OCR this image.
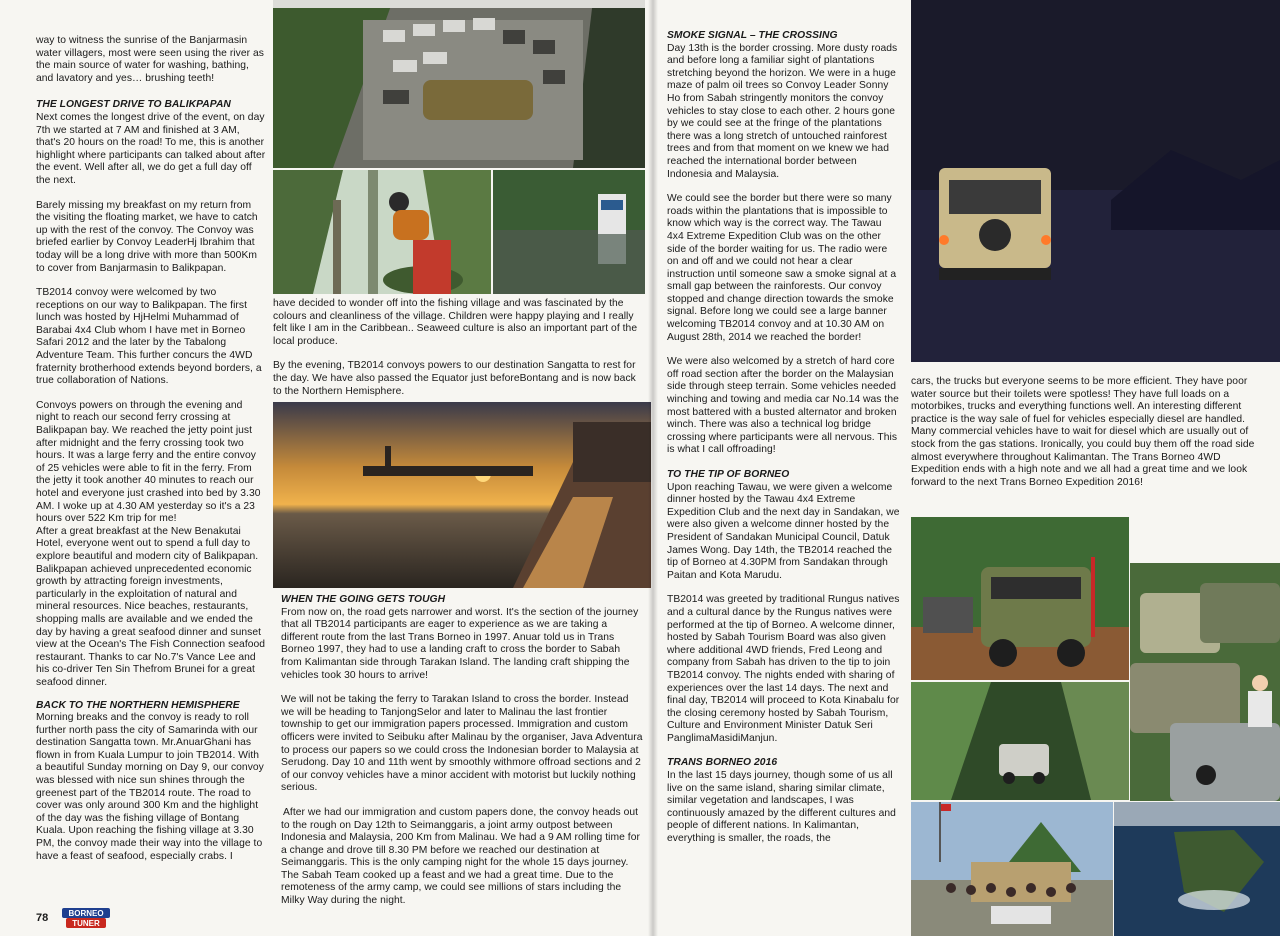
way to witness the sunrise of the Banjarmasin water villagers, most were seen using the river as the main source of water for washing, bathing, and lavatory and yes… brushing teeth!

THE LONGEST DRIVE TO BALIKPAPAN

Next comes the longest drive of the event, on day 7th we started at 7 AM and finished at 3 AM, that's 20 hours on the road! To me, this is another highlight where participants can talked about after the event. Well after all, we do get a full day off the next.

Barely missing my breakfast on my return from the visiting the floating market, we have to catch up with the rest of the convoy. The Convoy was briefed earlier by Convoy LeaderHj Ibrahim that today will be a long drive with more than 500Km to cover from Banjarmasin to Balikpapan.

TB2014 convoy were welcomed by two receptions on our way to Balikpapan. The first lunch was hosted by HjHelmi Muhammad of Barabai 4x4 Club whom I have met in Borneo Safari 2012 and the later by the Tabalong Adventure Team. This further concurs the 4WD fraternity brotherhood extends beyond borders, a true collaboration of Nations.

Convoys powers on through the evening and night to reach our second ferry crossing at Balikpapan bay. We reached the jetty point just after midnight and the ferry crossing took two hours. It was a large ferry and the entire convoy of 25 vehicles were able to fit in the ferry. From the jetty it took another 40 minutes to reach our hotel and everyone just crashed into bed by 3.30 AM. I woke up at 4.30 AM yesterday so it's a 23 hours over 522 Km trip for me!

After a great breakfast at the New Benakutai Hotel, everyone went out to spend a full day to explore beautiful and modern city of Balikpapan. Balikpapan achieved unprecedented economic growth by attracting foreign investments, particularly in the exploitation of natural and mineral resources. Nice beaches, restaurants, shopping malls are available and we ended the day by having a great seafood dinner and sunset view at the Ocean's The Fish Connection seafood restaurant. Thanks to car No.7's Vance Lee and his co-driver Ten Sin Thefrom Brunei for a great seafood dinner.

BACK TO THE NORTHERN HEMISPHERE

Morning breaks and the convoy is ready to roll further north pass the city of Samarinda with our destination Sangatta town. Mr.AnuarGhani has flown in from Kuala Lumpur to join TB2014. With a beautiful Sunday morning on Day 9, our convoy was blessed with nice sun shines through the greenest part of the TB2014 route. The road to cover was only around 300 Km and the highlight of the day was the fishing village of Bontang Kuala. Upon reaching the fishing village at 3.30 PM, the convoy made their way into the village to have a feast of seafood, especially crabs. I

have decided to wonder off into the fishing village and was fascinated by the colours and cleanliness of the village. Children were happy playing and I really felt like I am in the Caribbean.. Seaweed culture is also an important part of the local produce.

By the evening, TB2014 convoys powers to our destination Sangatta to rest for the day. We have also passed the Equator just beforeBontang and is now back to the Northern Hemisphere.

WHEN THE GOING GETS TOUGH

From now on, the road gets narrower and worst. It's the section of the journey that all TB2014 participants are eager to experience as we are taking a different route from the last Trans Borneo in 1997. Anuar told us in Trans Borneo 1997, they had to use a landing craft to cross the border to Sabah from Kalimantan side through Tarakan Island. The landing craft shipping the vehicles took 30 hours to arrive!

We will not be taking the ferry to Tarakan Island to cross the border. Instead we will be heading to TanjongSelor and later to Malinau the last frontier township to get our immigration papers processed. Immigration and custom officers were invited to Seibuku after Malinau by the organiser, Java Adventura to process our papers so we could cross the Indonesian border to Malaysia at Serudong. Day 10 and 11th went by smoothly withmore offroad sections and 2 of our convoy vehicles have a minor accident with motorist but luckily nothing serious.

After we had our immigration and custom papers done, the convoy heads out to the rough on Day 12th to Seimanggaris, a joint army outpost between Indonesia and Malaysia, 200 Km from Malinau. We had a 9 AM rolling time for a change and drove till 8.30 PM before we reached our destination at Seimanggaris. This is the only camping night for the whole 15 days journey. The Sabah Team cooked up a feast and we had a great time. Due to the remoteness of the army camp, we could see millions of stars including the Milky Way during the night.

78	BORNEO
TUNER
SMOKE SIGNAL – THE CROSSING

Day 13th is the border crossing. More dusty roads and before long a familiar sight of plantations stretching beyond the horizon. We were in a huge maze of palm oil trees so Convoy Leader Sonny Ho from Sabah stringently monitors the convoy vehicles to stay close to each other. 2 hours gone by we could see at the fringe of the plantations there was a long stretch of untouched rainforest trees and from that moment on we knew we had reached the international border between Indonesia and Malaysia.

We could see the border but there were so many roads within the plantations that is impossible to know which way is the correct way. The Tawau 4x4 Extreme Expedition Club was on the other side of the border waiting for us. The radio were on and off and we could not hear a clear instruction until someone saw a smoke signal at a small gap between the rainforests. Our convoy stopped and change direction towards the smoke signal. Before long we could see a large banner welcoming TB2014 convoy and at 10.30 AM on August 28th, 2014 we reached the border!

We were also welcomed by a stretch of hard core off road section after the border on the Malaysian side through steep terrain. Some vehicles needed winching and towing and media car No.14 was the most battered with a busted alternator and broken winch. There was also a technical log bridge crossing where participants were all nervous. This is what I call offroading!

TO THE TIP OF BORNEO

Upon reaching Tawau, we were given a welcome dinner hosted by the Tawau 4x4 Extreme Expedition Club and the next day in Sandakan, we were also given a welcome dinner hosted by the President of Sandakan Municipal Council, Datuk James Wong. Day 14th, the TB2014 reached the tip of Borneo at 4.30PM from Sandakan through Paitan and Kota Marudu.

TB2014 was greeted by traditional Rungus natives and a cultural dance by the Rungus natives were performed at the tip of Borneo. A welcome dinner, hosted by Sabah Tourism Board was also given where additional 4WD friends, Fred Leong and company from Sabah has driven to the tip to join TB2014 convoy. The nights ended with sharing of experiences over the last 14 days. The next and final day, TB2014 will proceed to Kota Kinabalu for the closing ceremony hosted by Sabah Tourism, Culture and Environment Minister Datuk Seri PanglimaMasidiManjun.

TRANS BORNEO 2016

In the last 15 days journey, though some of us all live on the same island, sharing similar climate, similar vegetation and landscapes, I was continuously amazed by the different cultures and people of different nations. In Kalimantan, everything is smaller, the roads, the

cars, the trucks but everyone seems to be more efficient. They have poor water source but their toilets were spotless! They have full loads on a motorbikes, trucks and everything functions well. An interesting different practice is the way sale of fuel for vehicles especially diesel are handled. Many commercial vehicles have to wait for diesel which are usually out of stock from the gas stations. Ironically, you could buy them off the road side almost everywhere throughout Kalimantan. The Trans Borneo 4WD Expedition ends with a high note and we all had a great time and we look forward to the next Trans Borneo Expedition 2016!
